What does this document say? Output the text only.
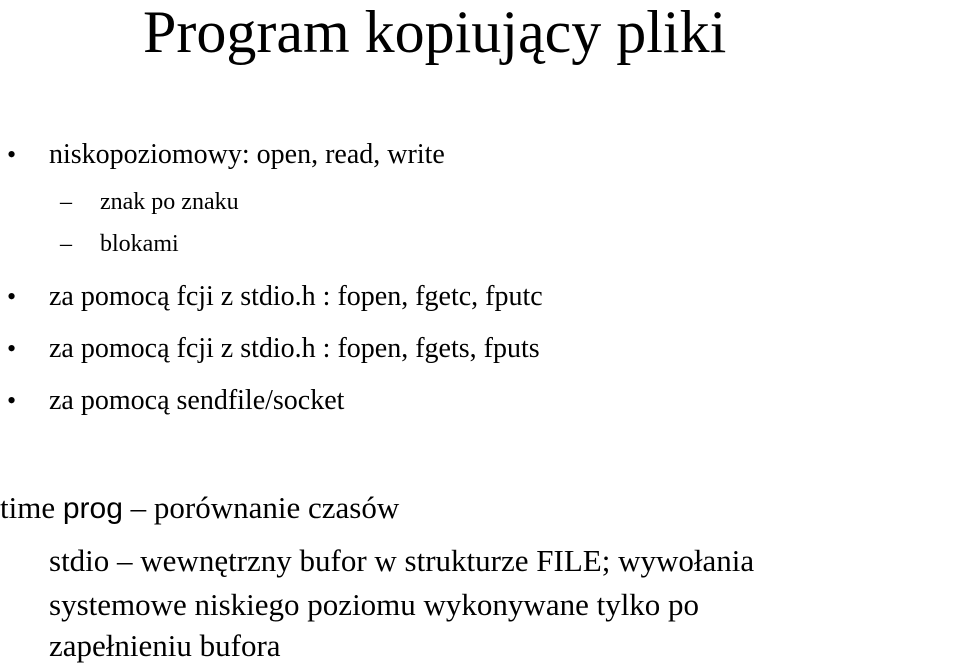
Program kopiujący pliki
• niskopoziomowy: open, read, write
– znak po znaku
– blokami
• za pomocą fcji z stdio.h : fopen, fgetc, fputc
• za pomocą fcji z stdio.h : fopen, fgets, fputs
• za pomocą sendfile/socket
time prog – porównanie czasów
stdio – wewnętrzny bufor w strukturze FILE; wywołania
systemowe niskiego poziomu wykonywane tylko po
zapełnieniu bufora
